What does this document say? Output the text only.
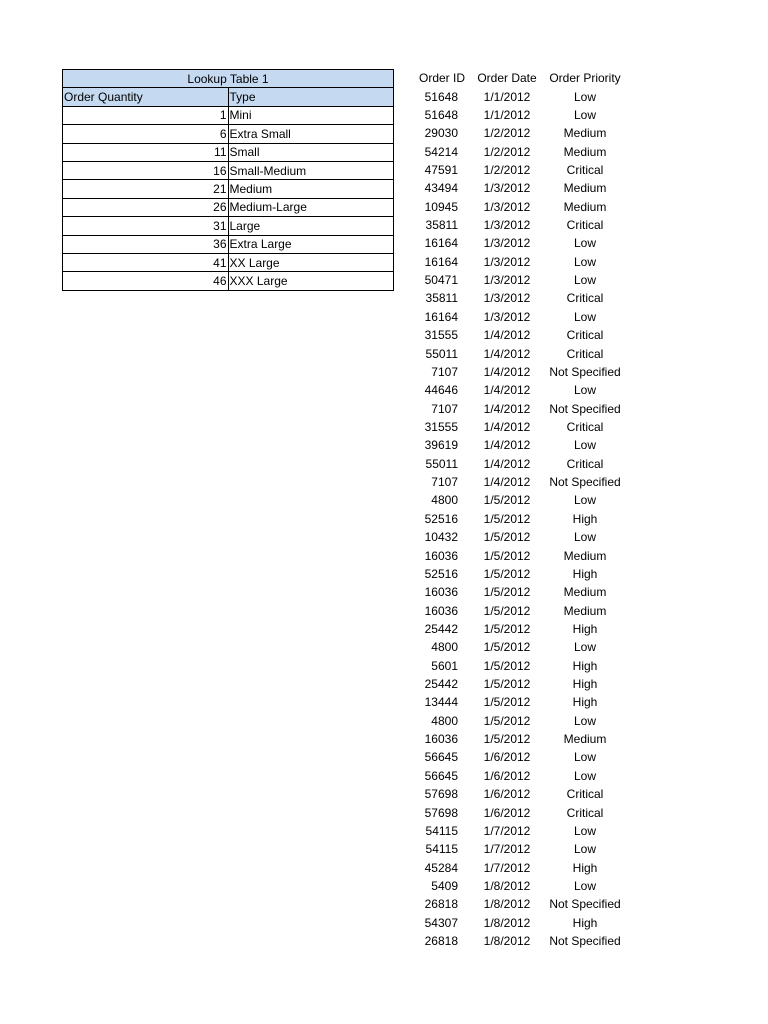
Lookup Table 1	
Order Quantity	Type
1	Mini
6	Extra Small
11	Small
16	Small-Medium
21	Medium
26	Medium-Large
31	Large
36	Extra Large
41	XX Large
46	XXX Large
Order ID	Order Date	Order Priority
51648	1/1/2012	Low
51648	1/1/2012	Low
29030	1/2/2012	Medium
54214	1/2/2012	Medium
47591	1/2/2012	Critical
43494	1/3/2012	Medium
10945	1/3/2012	Medium
35811	1/3/2012	Critical
16164	1/3/2012	Low
16164	1/3/2012	Low
50471	1/3/2012	Low
35811	1/3/2012	Critical
16164	1/3/2012	Low
31555	1/4/2012	Critical
55011	1/4/2012	Critical
7107	1/4/2012	Not Specified
44646	1/4/2012	Low
7107	1/4/2012	Not Specified
31555	1/4/2012	Critical
39619	1/4/2012	Low
55011	1/4/2012	Critical
7107	1/4/2012	Not Specified
4800	1/5/2012	Low
52516	1/5/2012	High
10432	1/5/2012	Low
16036	1/5/2012	Medium
52516	1/5/2012	High
16036	1/5/2012	Medium
16036	1/5/2012	Medium
25442	1/5/2012	High
4800	1/5/2012	Low
5601	1/5/2012	High
25442	1/5/2012	High
13444	1/5/2012	High
4800	1/5/2012	Low
16036	1/5/2012	Medium
56645	1/6/2012	Low
56645	1/6/2012	Low
57698	1/6/2012	Critical
57698	1/6/2012	Critical
54115	1/7/2012	Low
54115	1/7/2012	Low
45284	1/7/2012	High
5409	1/8/2012	Low
26818	1/8/2012	Not Specified
54307	1/8/2012	High
26818	1/8/2012	Not Specified
